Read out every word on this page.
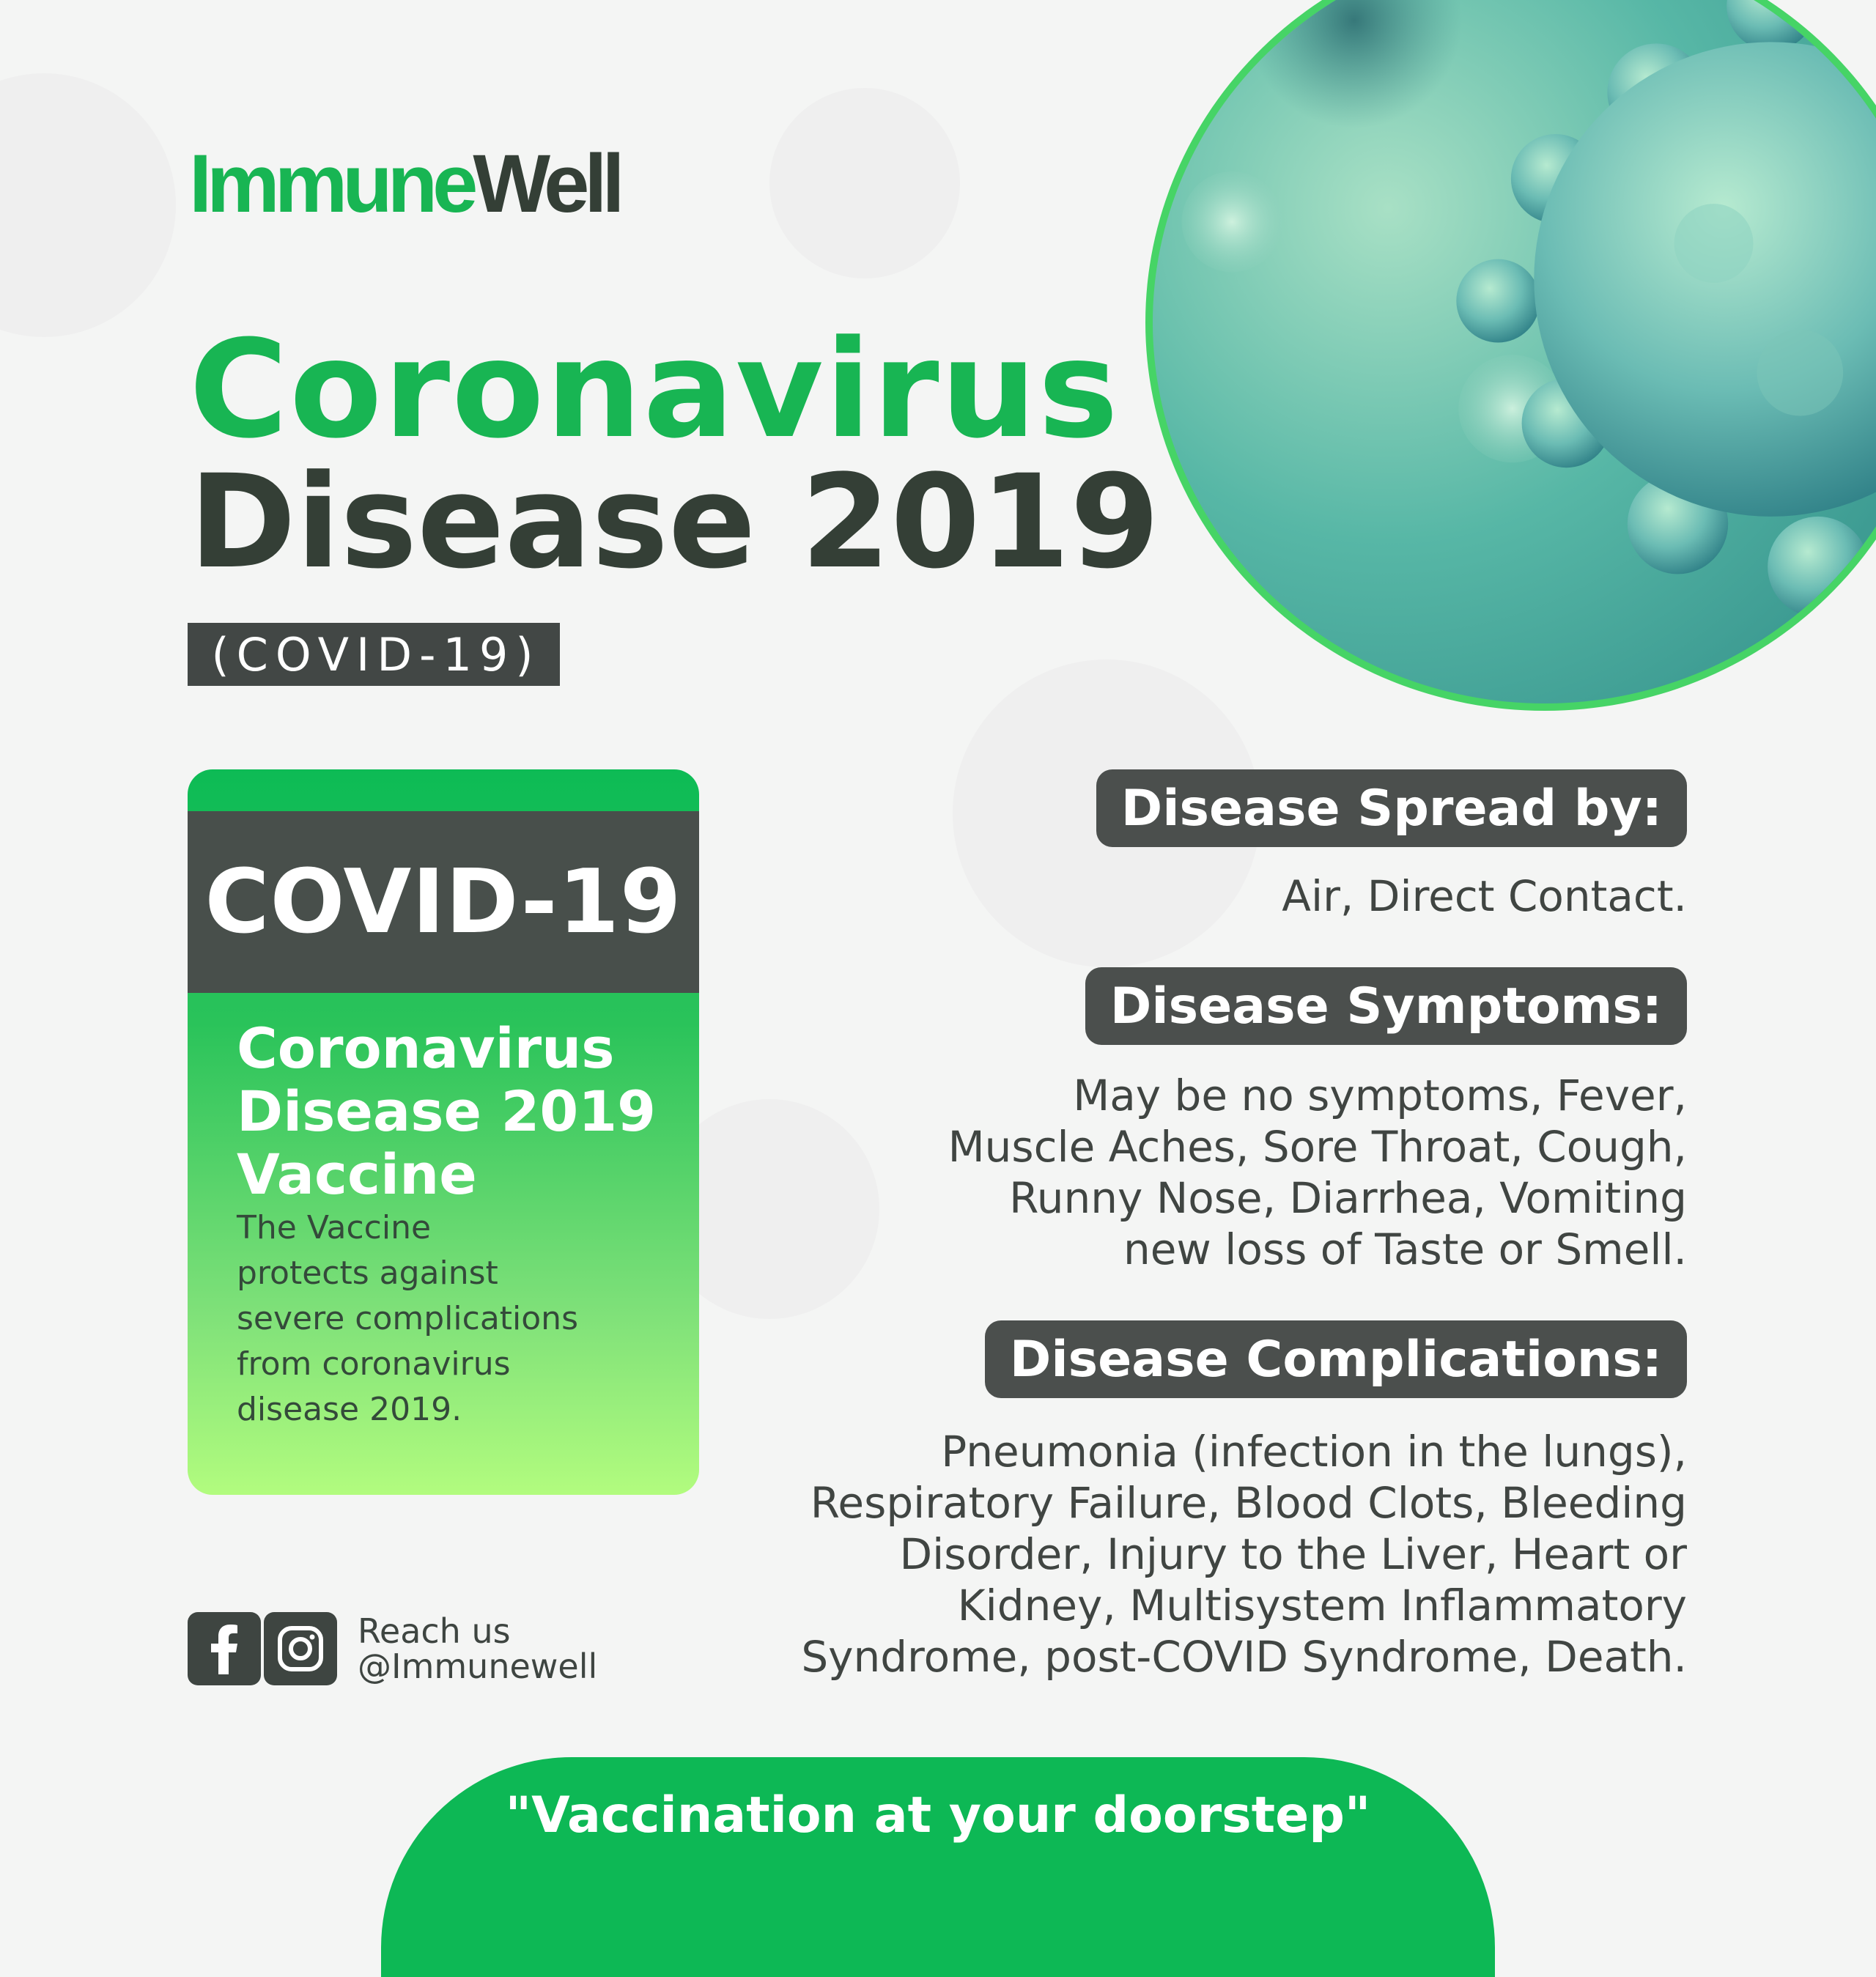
ImmuneWell
Coronavirus
Disease 2019
(COVID-19)
COVID-19
Coronavirus
Disease 2019
Vaccine
The Vaccine
protects against
severe complications
from coronavirus
disease 2019.
Disease Spread by:
Air, Direct Contact.
Disease Symptoms:
May be no symptoms, Fever,
Muscle Aches, Sore Throat, Cough,
Runny Nose, Diarrhea, Vomiting
new loss of Taste or Smell.
Disease Complications:
Pneumonia (infection in the lungs),
Respiratory Failure, Blood Clots, Bleeding
Disorder, Injury to the Liver, Heart or
Kidney, Multisystem Inflammatory
Syndrome, post-COVID Syndrome, Death.
Reach us
@Immunewell
"Vaccination at your doorstep"
